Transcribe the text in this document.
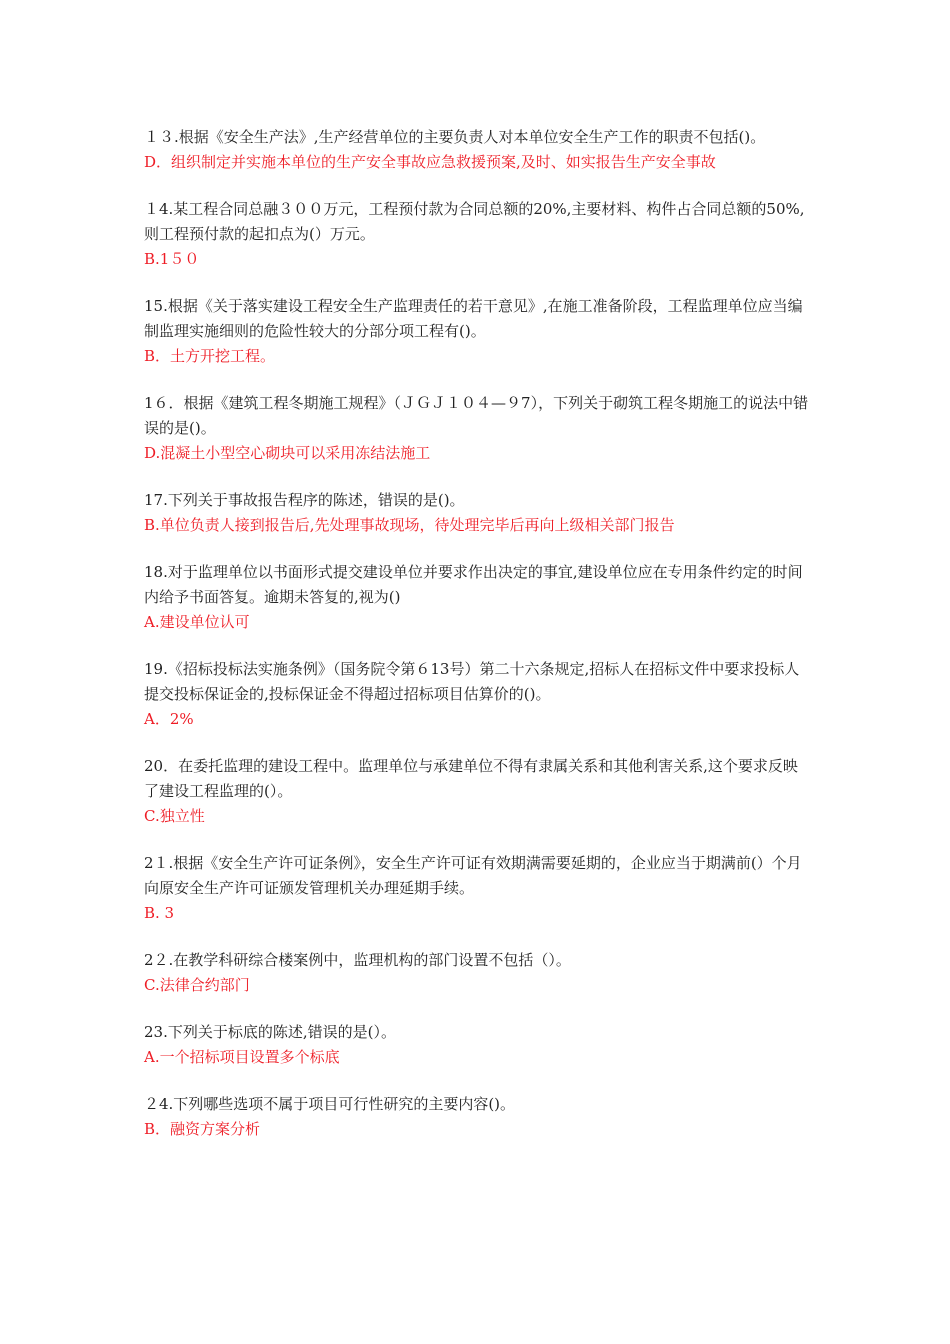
１３.根据《安全生产法》,生产经营单位的主要负责人对本单位安全生产工作的职责不包括()。

D．组织制定并实施本单位的生产安全事故应急救援预案,及时、如实报告生产安全事故

１4.某工程合同总融３００万元，工程预付款为合同总额的20%,主要材料、构件占合同总额的50%,则工程预付款的起扣点为(）万元。

B.1５０

15.根据《关于落实建设工程安全生产监理责任的若干意见》,在施工准备阶段，工程监理单位应当编制监理实施细则的危险性较大的分部分项工程有()。

B．土方开挖工程。

1６．根据《建筑工程冬期施工规程》（ＪＧＪ１０４—９7），下列关于砌筑工程冬期施工的说法中错误的是()。

D.混凝土小型空心砌块可以采用冻结法施工

17.下列关于事故报告程序的陈述，错误的是()。

B.单位负责人接到报告后,先处理事故现场，待处理完毕后再向上级相关部门报告

18.对于监理单位以书面形式提交建设单位并要求作出决定的事宜,建设单位应在专用条件约定的时间内给予书面答复。逾期未答复的,视为()

A.建设单位认可

19.《招标投标法实施条例》（国务院令第６13号）第二十六条规定,招标人在招标文件中要求投标人提交投标保证金的,投标保证金不得超过招标项目估算价的()。

A．2%

20．在委托监理的建设工程中。监理单位与承建单位不得有隶属关系和其他利害关系,这个要求反映了建设工程监理的(）。

C.独立性

2１.根据《安全生产许可证条例》，安全生产许可证有效期满需要延期的，企业应当于期满前(）个月向原安全生产许可证颁发管理机关办理延期手续。

B. 3

2２.在教学科研综合楼案例中，监理机构的部门设置不包括（）。

C.法律合约部门

23.下列关于标底的陈述,错误的是(）。

A.一个招标项目设置多个标底

２4.下列哪些选项不属于项目可行性研究的主要内容()。

B．融资方案分析
